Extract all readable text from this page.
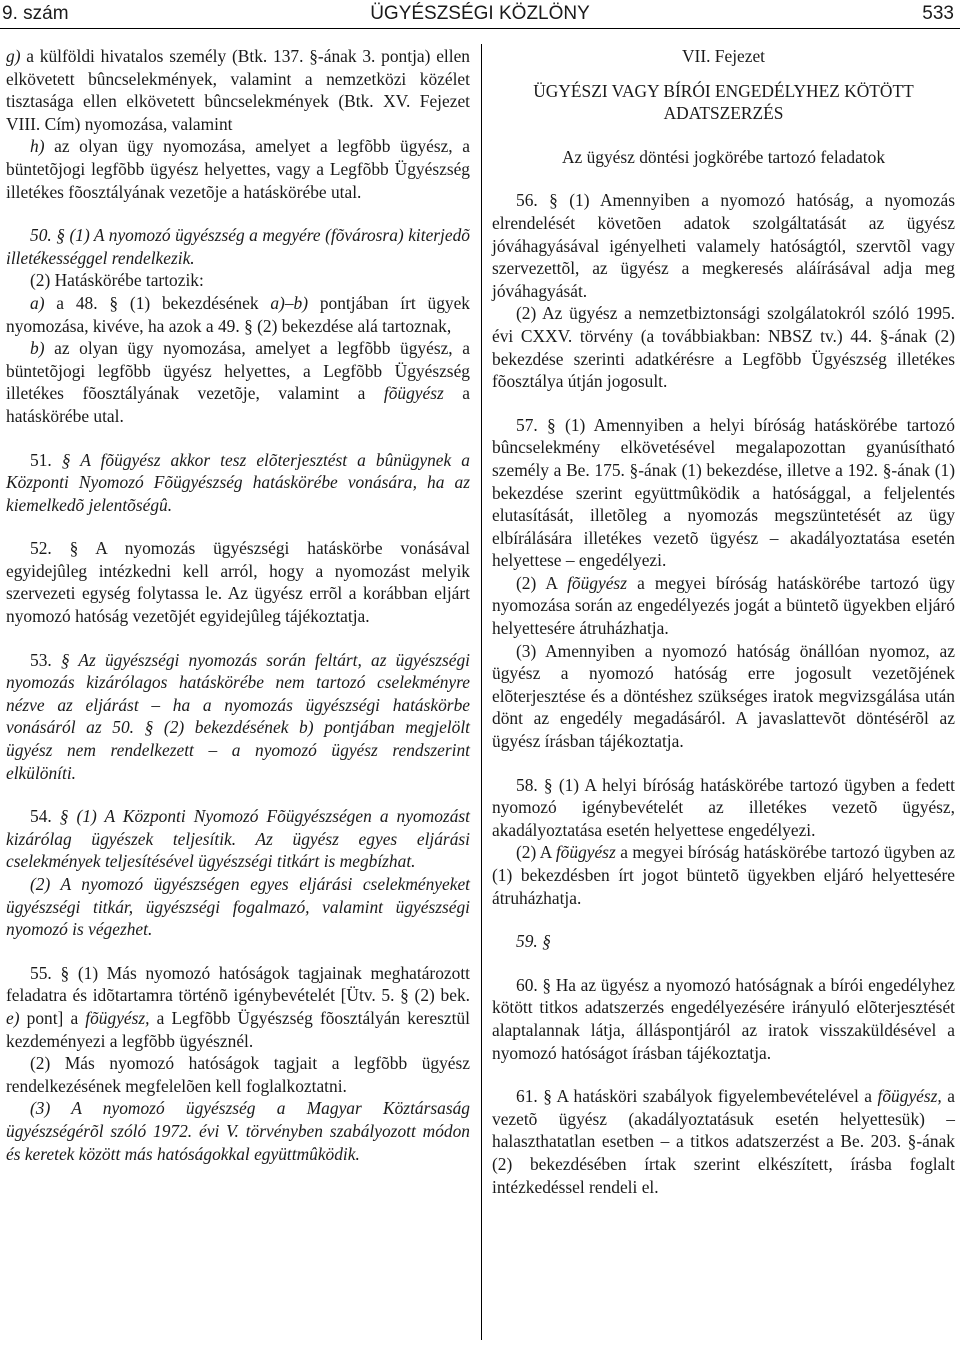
ÜGYÉSZSÉGI KÖZLÖNY
9. szám	533

g) a külföldi hivatalos személy (Btk. 137. §-ának 3. pontja) ellen elkövetett bûncselekmények, valamint a nemzetközi közélet tisztasága ellen elkövetett bûncselekmények (Btk. XV. Fejezet VIII. Cím) nyomozása, valamint

h) az olyan ügy nyomozása, amelyet a legfõbb ügyész, a büntetõjogi legfõbb ügyész helyettes, vagy a Legfõbb Ügyészség illetékes fõosztályának vezetõje a hatáskörébe utal.

50. § (1) A nyomozó ügyészség a megyére (fõvárosra) kiterjedõ illetékességgel rendelkezik.

(2) Hatáskörébe tartozik:

a) a 48. § (1) bekezdésének a)–b) pontjában írt ügyek nyomozása, kivéve, ha azok a 49. § (2) bekezdése alá tartoznak,

b) az olyan ügy nyomozása, amelyet a legfõbb ügyész, a büntetõjogi legfõbb ügyész helyettes, a Legfõbb Ügyészség illetékes fõosztályának vezetõje, valamint a fõügyész a hatáskörébe utal.

51. § A fõügyész akkor tesz elõterjesztést a bûnügynek a Központi Nyomozó Fõügyészség hatáskörébe vonására, ha az kiemelkedõ jelentõségû.

52. § A nyomozás ügyészségi hatáskörbe vonásával egyidejûleg intézkedni kell arról, hogy a nyomozást melyik szervezeti egység folytassa le. Az ügyész errõl a korábban eljárt nyomozó hatóság vezetõjét egyidejûleg tájékoztatja.

53. § Az ügyészségi nyomozás során feltárt, az ügyészségi nyomozás kizárólagos hatáskörébe nem tartozó cselekményre nézve az eljárást – ha a nyomozás ügyészségi hatáskörbe vonásáról az 50. § (2) bekezdésének b) pontjában megjelölt ügyész nem rendelkezett – a nyomozó ügyész rendszerint elkülöníti.

54. § (1) A Központi Nyomozó Fõügyészségen a nyomozást kizárólag ügyészek teljesítik. Az ügyész egyes eljárási cselekmények teljesítésével ügyészségi titkárt is megbízhat.

(2) A nyomozó ügyészségen egyes eljárási cselekményeket ügyészségi titkár, ügyészségi fogalmazó, valamint ügyészségi nyomozó is végezhet.

55. § (1) Más nyomozó hatóságok tagjainak meghatározott feladatra és idõtartamra történõ igénybevételét [Ütv. 5. § (2) bek. e) pont] a fõügyész, a Legfõbb Ügyészség fõosztályán keresztül kezdeményezi a legfõbb ügyésznél.

(2) Más nyomozó hatóságok tagjait a legfõbb ügyész rendelkezésének megfelelõen kell foglalkoztatni.

(3) A nyomozó ügyészség a Magyar Köztársaság ügyészségérõl szóló 1972. évi V. törvényben szabályozott módon és keretek között más hatóságokkal együttmûködik.

VII. Fejezet
ÜGYÉSZI VAGY BÍRÓI ENGEDÉLYHEZ KÖTÖTT
ADATSZERZÉS
Az ügyész döntési jogkörébe tartozó feladatok

56. § (1) Amennyiben a nyomozó hatóság, a nyomozás elrendelését követõen adatok szolgáltatását az ügyész jóváhagyásával igényelheti valamely hatóságtól, szervtõl vagy szervezettõl, az ügyész a megkeresés aláírásával adja meg jóváhagyását.

(2) Az ügyész a nemzetbiztonsági szolgálatokról szóló 1995. évi CXXV. törvény (a továbbiakban: NBSZ tv.) 44. §-ának (2) bekezdése szerinti adatkérésre a Legfõbb Ügyészség illetékes fõosztálya útján jogosult.

57. § (1) Amennyiben a helyi bíróság hatáskörébe tartozó bûncselekmény elkövetésével megalapozottan gyanúsítható személy a Be. 175. §-ának (1) bekezdése, illetve a 192. §-ának (1) bekezdése szerint együttmûködik a hatósággal, a feljelentés elutasítását, illetõleg a nyomozás megszüntetését az ügy elbírálására illetékes vezetõ ügyész – akadályoztatása esetén helyettese – engedélyezi.

(2) A fõügyész a megyei bíróság hatáskörébe tartozó ügy nyomozása során az engedélyezés jogát a büntetõ ügyekben eljáró helyettesére átruházhatja.

(3) Amennyiben a nyomozó hatóság önállóan nyomoz, az ügyész a nyomozó hatóság erre jogosult vezetõjének elõterjesztése és a döntéshez szükséges iratok megvizsgálása után dönt az engedély megadásáról. A javaslattevõt döntésérõl az ügyész írásban tájékoztatja.

58. § (1) A helyi bíróság hatáskörébe tartozó ügyben a fedett nyomozó igénybevételét az illetékes vezetõ ügyész, akadályoztatása esetén helyettese engedélyezi.

(2) A fõügyész a megyei bíróság hatáskörébe tartozó ügyben az (1) bekezdésben írt jogot büntetõ ügyekben eljáró helyettesére átruházhatja.

59. §

60. § Ha az ügyész a nyomozó hatóságnak a bírói engedélyhez kötött titkos adatszerzés engedélyezésére irányuló elõterjesztését alaptalannak látja, álláspontjáról az iratok visszaküldésével a nyomozó hatóságot írásban tájékoztatja.

61. § A hatásköri szabályok figyelembevételével a fõügyész, a vezetõ ügyész (akadályoztatásuk esetén helyettesük) – halaszthatatlan esetben – a titkos adatszerzést a Be. 203. §-ának (2) bekezdésében írtak szerint elkészített, írásba foglalt intézkedéssel rendeli el.
